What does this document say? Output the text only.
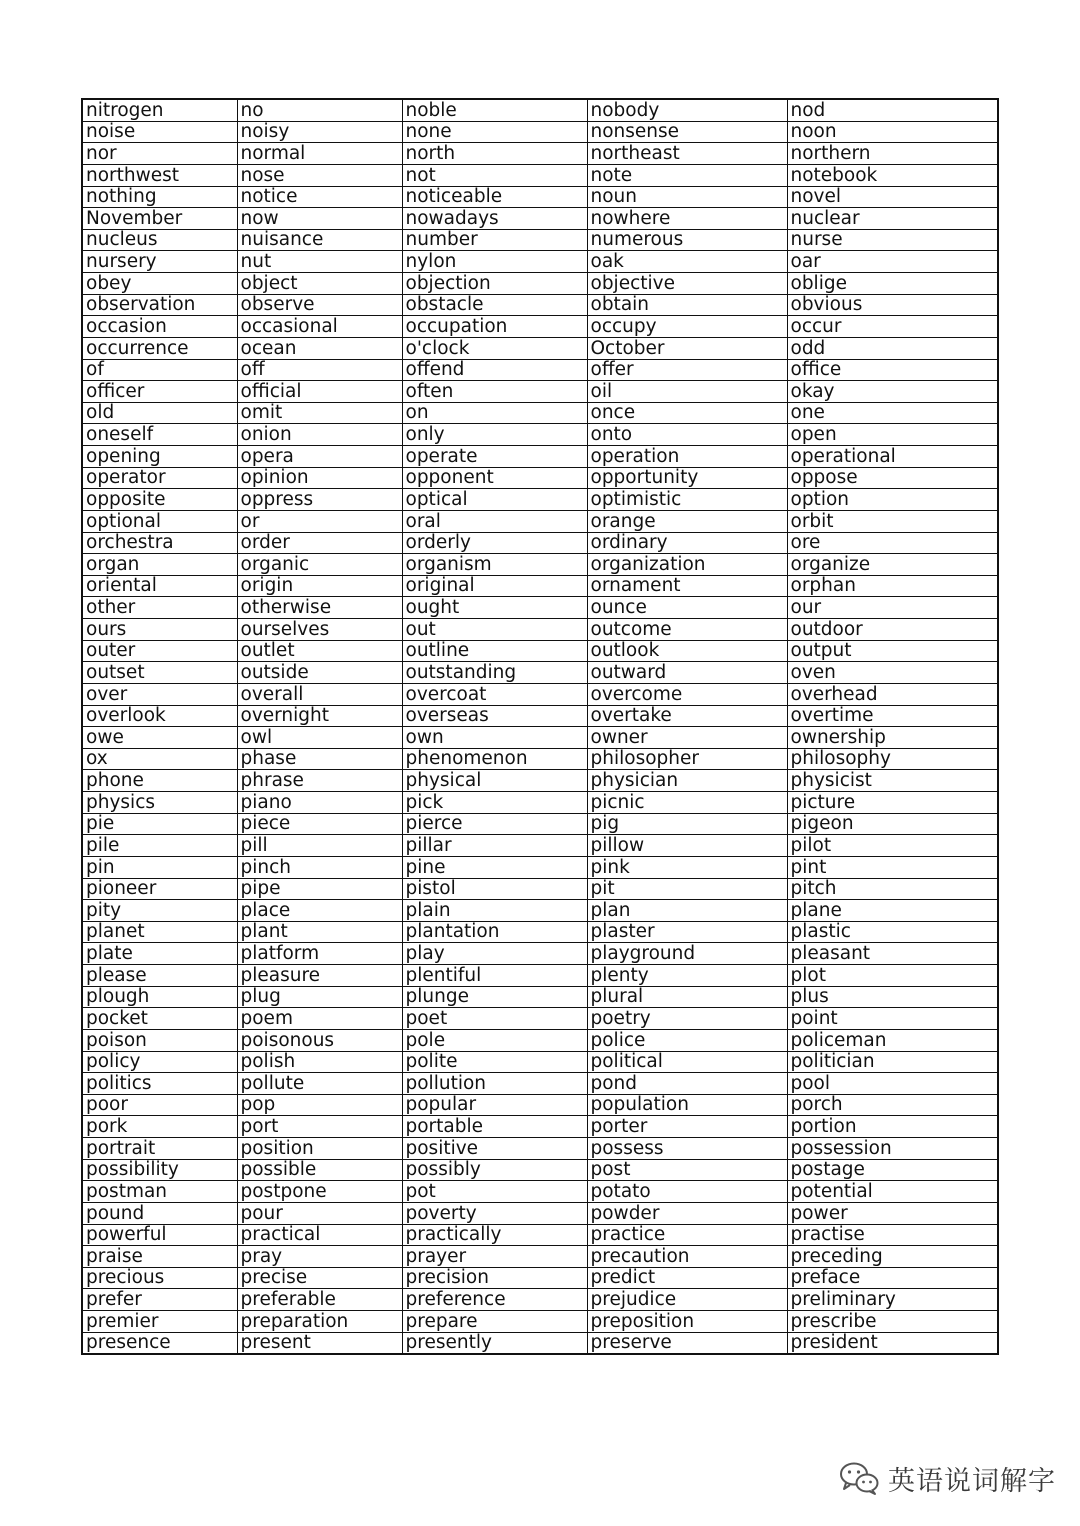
nitrogen	no	noble	nobody	nod
noise	noisy	none	nonsense	noon
nor	normal	north	northeast	northern
northwest	nose	not	note	notebook
nothing	notice	noticeable	noun	novel
November	now	nowadays	nowhere	nuclear
nucleus	nuisance	number	numerous	nurse
nursery	nut	nylon	oak	oar
obey	object	objection	objective	oblige
observation	observe	obstacle	obtain	obvious
occasion	occasional	occupation	occupy	occur
occurrence	ocean	o'clock	October	odd
of	off	offend	offer	office
officer	official	often	oil	okay
old	omit	on	once	one
oneself	onion	only	onto	open
opening	opera	operate	operation	operational
operator	opinion	opponent	opportunity	oppose
opposite	oppress	optical	optimistic	option
optional	or	oral	orange	orbit
orchestra	order	orderly	ordinary	ore
organ	organic	organism	organization	organize
oriental	origin	original	ornament	orphan
other	otherwise	ought	ounce	our
ours	ourselves	out	outcome	outdoor
outer	outlet	outline	outlook	output
outset	outside	outstanding	outward	oven
over	overall	overcoat	overcome	overhead
overlook	overnight	overseas	overtake	overtime
owe	owl	own	owner	ownership
ox	phase	phenomenon	philosopher	philosophy
phone	phrase	physical	physician	physicist
physics	piano	pick	picnic	picture
pie	piece	pierce	pig	pigeon
pile	pill	pillar	pillow	pilot
pin	pinch	pine	pink	pint
pioneer	pipe	pistol	pit	pitch
pity	place	plain	plan	plane
planet	plant	plantation	plaster	plastic
plate	platform	play	playground	pleasant
please	pleasure	plentiful	plenty	plot
plough	plug	plunge	plural	plus
pocket	poem	poet	poetry	point
poison	poisonous	pole	police	policeman
policy	polish	polite	political	politician
politics	pollute	pollution	pond	pool
poor	pop	popular	population	porch
pork	port	portable	porter	portion
portrait	position	positive	possess	possession
possibility	possible	possibly	post	postage
postman	postpone	pot	potato	potential
pound	pour	poverty	powder	power
powerful	practical	practically	practice	practise
praise	pray	prayer	precaution	preceding
precious	precise	precision	predict	preface
prefer	preferable	preference	prejudice	preliminary
premier	preparation	prepare	preposition	prescribe
presence	present	presently	preserve	president
英语说词解字
